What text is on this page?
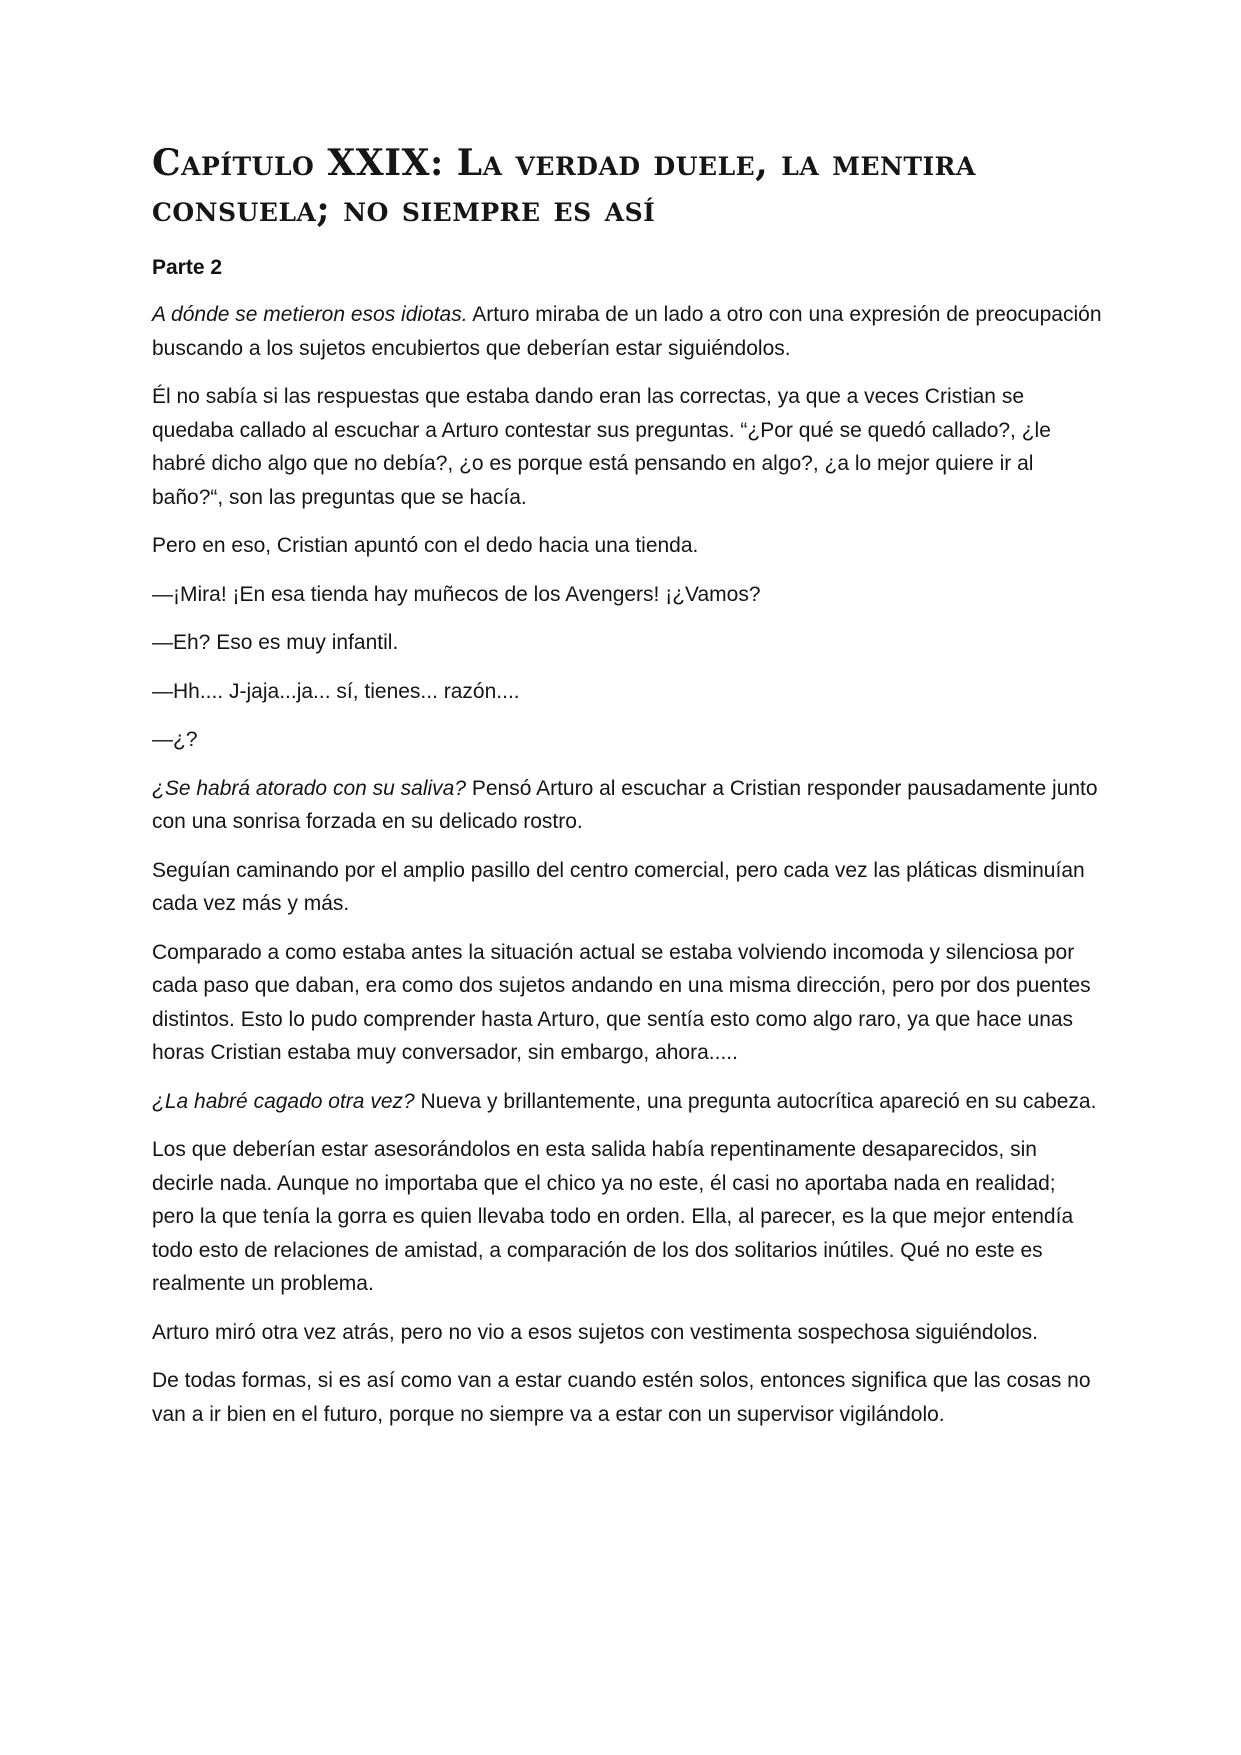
Capítulo XXIX: La verdad duele, la mentira consuela; no siempre es así
Parte 2

A dónde se metieron esos idiotas. Arturo miraba de un lado a otro con una expresión de preocupación buscando a los sujetos encubiertos que deberían estar siguiéndolos.

Él no sabía si las respuestas que estaba dando eran las correctas, ya que a veces Cristian se quedaba callado al escuchar a Arturo contestar sus preguntas. “¿Por qué se quedó callado?, ¿le habré dicho algo que no debía?, ¿o es porque está pensando en algo?, ¿a lo mejor quiere ir al baño?“, son las preguntas que se hacía.

Pero en eso, Cristian apuntó con el dedo hacia una tienda.

—¡Mira! ¡En esa tienda hay muñecos de los Avengers! ¡¿Vamos?

—Eh? Eso es muy infantil.

—Hh.... J-jaja...ja... sí, tienes... razón....

—¿?

¿Se habrá atorado con su saliva? Pensó Arturo al escuchar a Cristian responder pausadamente junto con una sonrisa forzada en su delicado rostro.

Seguían caminando por el amplio pasillo del centro comercial, pero cada vez las pláticas disminuían cada vez más y más.

Comparado a como estaba antes la situación actual se estaba volviendo incomoda y silenciosa por cada paso que daban, era como dos sujetos andando en una misma dirección, pero por dos puentes distintos. Esto lo pudo comprender hasta Arturo, que sentía esto como algo raro, ya que hace unas horas Cristian estaba muy conversador, sin embargo, ahora.....

¿La habré cagado otra vez? Nueva y brillantemente, una pregunta autocrítica apareció en su cabeza.

Los que deberían estar asesorándolos en esta salida había repentinamente desaparecidos, sin decirle nada. Aunque no importaba que el chico ya no este, él casi no aportaba nada en realidad; pero la que tenía la gorra es quien llevaba todo en orden. Ella, al parecer, es la que mejor entendía todo esto de relaciones de amistad, a comparación de los dos solitarios inútiles. Qué no este es realmente un problema.

Arturo miró otra vez atrás, pero no vio a esos sujetos con vestimenta sospechosa siguiéndolos.

De todas formas, si es así como van a estar cuando estén solos, entonces significa que las cosas no van a ir bien en el futuro, porque no siempre va a estar con un supervisor vigilándolo.
